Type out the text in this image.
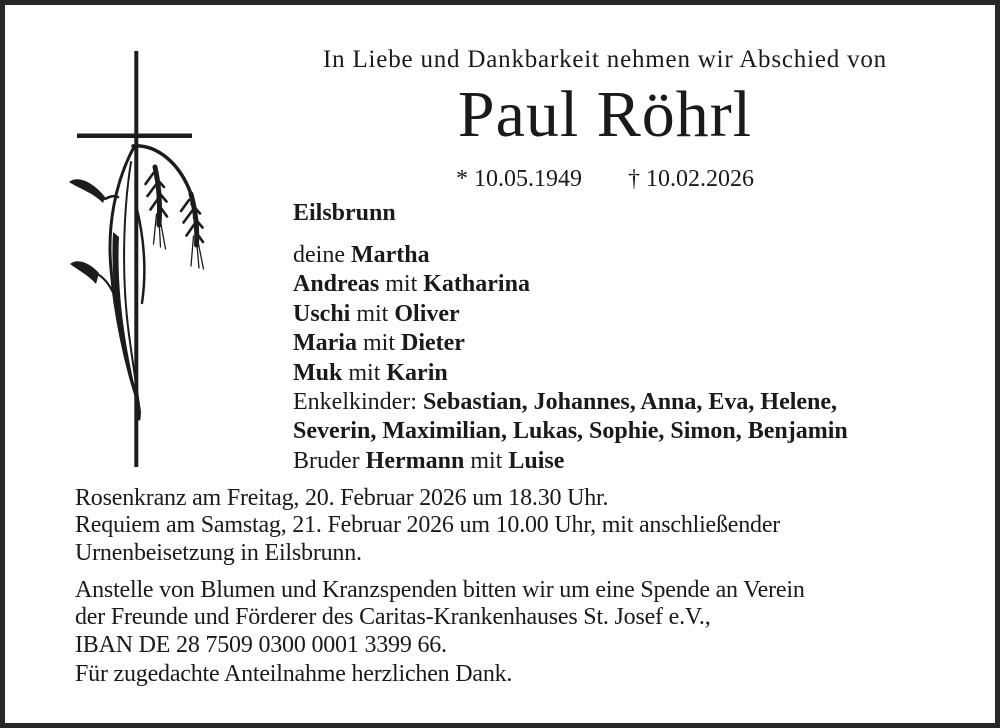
In Liebe und Dankbarkeit nehmen wir Abschied von
Paul Röhrl
* 10.05.1949 † 10.02.2026
Eilsbrunn
deine Martha
Andreas mit Katharina
Uschi mit Oliver
Maria mit Dieter
Muk mit Karin
Enkelkinder: Sebastian, Johannes, Anna, Eva, Helene,
Severin, Maximilian, Lukas, Sophie, Simon, Benjamin
Bruder Hermann mit Luise
Rosenkranz am Freitag, 20. Februar 2026 um 18.30 Uhr.
Requiem am Samstag, 21. Februar 2026 um 10.00 Uhr, mit anschließender
Urnenbeisetzung in Eilsbrunn.
Anstelle von Blumen und Kranzspenden bitten wir um eine Spende an Verein
der Freunde und Förderer des Caritas-Krankenhauses St. Josef e.V.,
IBAN DE 28 7509 0300 0001 3399 66.
Für zugedachte Anteilnahme herzlichen Dank.
